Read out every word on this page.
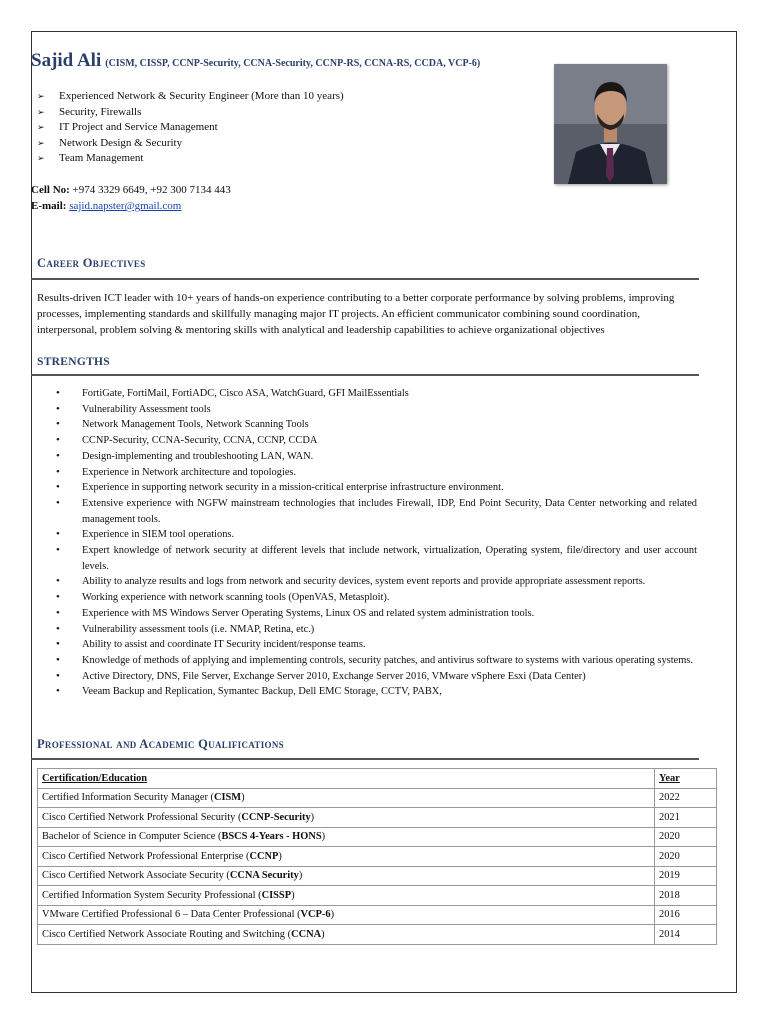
Sajid Ali (CISM, CISSP, CCNP-Security, CCNA-Security, CCNP-RS, CCNA-RS, CCDA, VCP-6)
➢ Experienced Network & Security Engineer (More than 10 years)
➢ Security, Firewalls
➢ IT Project and Service Management
➢ Network Design & Security
➢ Team Management
Cell No: +974 3329 6649, +92 300 7134 443
E-mail: sajid.napster@gmail.com
Career Objectives
Results-driven ICT leader with 10+ years of hands-on experience contributing to a better corporate performance by solving problems, improving processes, implementing standards and skillfully managing major IT projects. An efficient communicator combining sound coordination, interpersonal, problem solving & mentoring skills with analytical and leadership capabilities to achieve organizational objectives
STRENGTHS
• FortiGate, FortiMail, FortiADC, Cisco ASA, WatchGuard, GFI MailEssentials
• Vulnerability Assessment tools
• Network Management Tools, Network Scanning Tools
• CCNP-Security, CCNA-Security, CCNA, CCNP, CCDA
• Design-implementing and troubleshooting LAN, WAN.
• Experience in Network architecture and topologies.
• Experience in supporting network security in a mission-critical enterprise infrastructure environment.
• Extensive experience with NGFW mainstream technologies that includes Firewall, IDP, End Point Security, Data Center networking and related management tools.
• Experience in SIEM tool operations.
• Expert knowledge of network security at different levels that include network, virtualization, Operating system, file/directory and user account levels.
• Ability to analyze results and logs from network and security devices, system event reports and provide appropriate assessment reports.
• Working experience with network scanning tools (OpenVAS, Metasploit).
• Experience with MS Windows Server Operating Systems, Linux OS and related system administration tools.
• Vulnerability assessment tools (i.e. NMAP, Retina, etc.)
• Ability to assist and coordinate IT Security incident/response teams.
• Knowledge of methods of applying and implementing controls, security patches, and antivirus software to systems with various operating systems.
• Active Directory, DNS, File Server, Exchange Server 2010, Exchange Server 2016, VMware vSphere Esxi (Data Center)
• Veeam Backup and Replication, Symantec Backup, Dell EMC Storage, CCTV, PABX,
Professional and Academic Qualifications
Certification/Education	Year
Certified Information Security Manager (CISM)	2022
Cisco Certified Network Professional Security (CCNP-Security)	2021
Bachelor of Science in Computer Science (BSCS 4-Years - HONS)	2020
Cisco Certified Network Professional Enterprise (CCNP)	2020
Cisco Certified Network Associate Security (CCNA Security)	2019
Certified Information System Security Professional (CISSP)	2018
VMware Certified Professional 6 – Data Center Professional (VCP-6)	2016
Cisco Certified Network Associate Routing and Switching (CCNA)	2014
